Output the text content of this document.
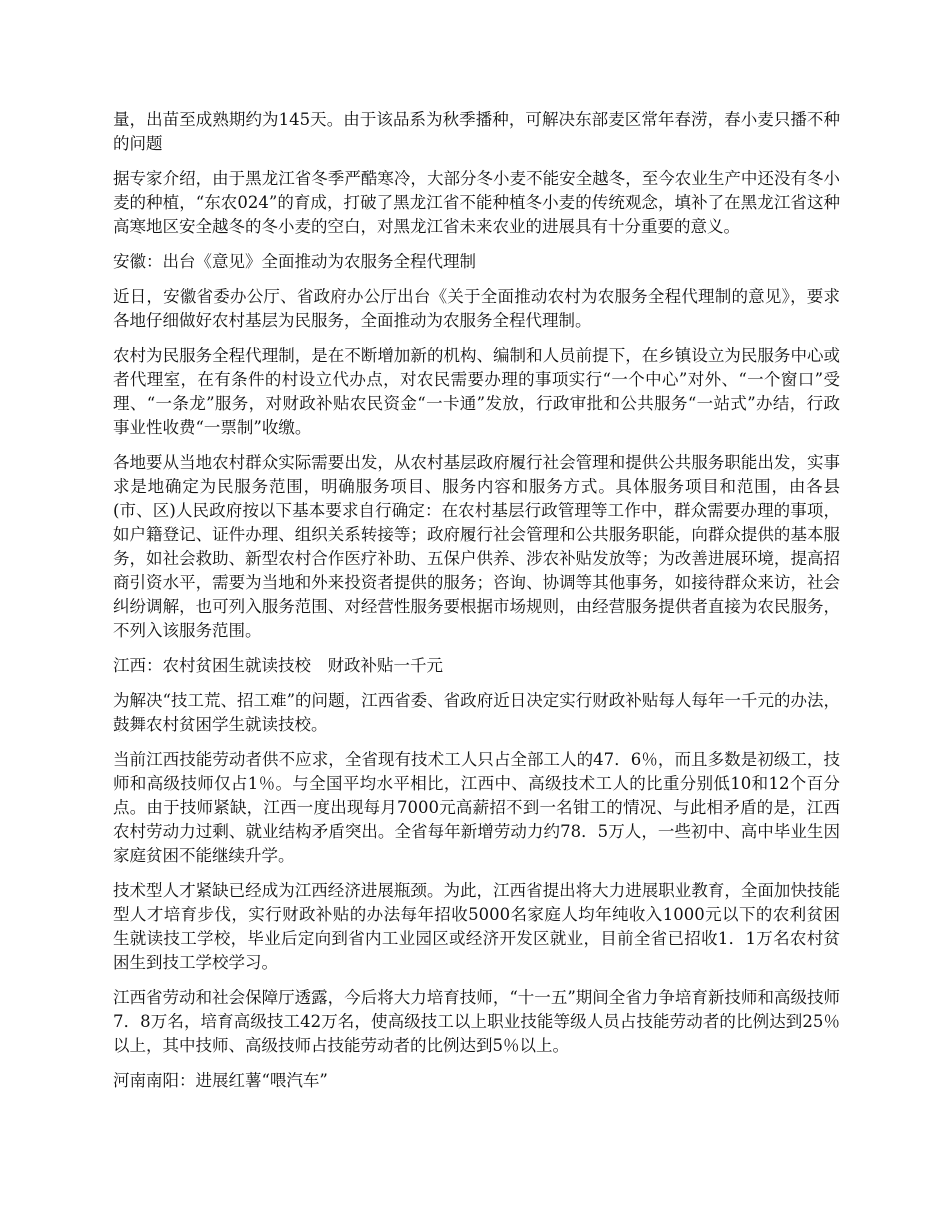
量，出苗至成熟期约为145天。由于该品系为秋季播种，可解决东部麦区常年春涝，春小麦只播不种的问题

据专家介绍，由于黑龙江省冬季严酷寒冷，大部分冬小麦不能安全越冬，至今农业生产中还没有冬小麦的种植，“东农024”的育成，打破了黑龙江省不能种植冬小麦的传统观念，填补了在黑龙江省这种高寒地区安全越冬的冬小麦的空白，对黑龙江省未来农业的进展具有十分重要的意义。

安徽：出台《意见》全面推动为农服务全程代理制

近日，安徽省委办公厅、省政府办公厅出台《关于全面推动农村为农服务全程代理制的意见》，要求各地仔细做好农村基层为民服务，全面推动为农服务全程代理制。

农村为民服务全程代理制，是在不断增加新的机构、编制和人员前提下，在乡镇设立为民服务中心或者代理室，在有条件的村设立代办点，对农民需要办理的事项实行“一个中心”对外、“一个窗口”受理、“一条龙”服务，对财政补贴农民资金“一卡通”发放，行政审批和公共服务“一站式”办结，行政事业性收费“一票制”收缴。

各地要从当地农村群众实际需要出发，从农村基层政府履行社会管理和提供公共服务职能出发，实事求是地确定为民服务范围，明确服务项目、服务内容和服务方式。具体服务项目和范围，由各县(市、区)人民政府按以下基本要求自行确定：在农村基层行政管理等工作中，群众需要办理的事项，如户籍登记、证件办理、组织关系转接等；政府履行社会管理和公共服务职能，向群众提供的基本服务，如社会救助、新型农村合作医疗补助、五保户供养、涉农补贴发放等；为改善进展环境，提高招商引资水平，需要为当地和外来投资者提供的服务；咨询、协调等其他事务，如接待群众来访，社会纠纷调解，也可列入服务范围、对经营性服务要根据市场规则，由经营服务提供者直接为农民服务，不列入该服务范围。

江西：农村贫困生就读技校　财政补贴一千元

为解决“技工荒、招工难”的问题，江西省委、省政府近日决定实行财政补贴每人每年一千元的办法，鼓舞农村贫困学生就读技校。

当前江西技能劳动者供不应求，全省现有技术工人只占全部工人的47．6％，而且多数是初级工，技师和高级技师仅占1％。与全国平均水平相比，江西中、高级技术工人的比重分别低10和12个百分点。由于技师紧缺，江西一度出现每月7000元高薪招不到一名钳工的情况、与此相矛盾的是，江西农村劳动力过剩、就业结构矛盾突出。全省每年新增劳动力约78．5万人，一些初中、高中毕业生因家庭贫困不能继续升学。

技术型人才紧缺已经成为江西经济进展瓶颈。为此，江西省提出将大力进展职业教育，全面加快技能型人才培育步伐，实行财政补贴的办法每年招收5000名家庭人均年纯收入1000元以下的农利贫困生就读技工学校，毕业后定向到省内工业园区或经济开发区就业，目前全省已招收1．1万名农村贫困生到技工学校学习。

江西省劳动和社会保障厅透露，今后将大力培育技师，“十一五”期间全省力争培育新技师和高级技师7．8万名，培育高级技工42万名，使高级技工以上职业技能等级人员占技能劳动者的比例达到25％以上，其中技师、高级技师占技能劳动者的比例达到5％以上。

河南南阳：进展红薯“喂汽车”
